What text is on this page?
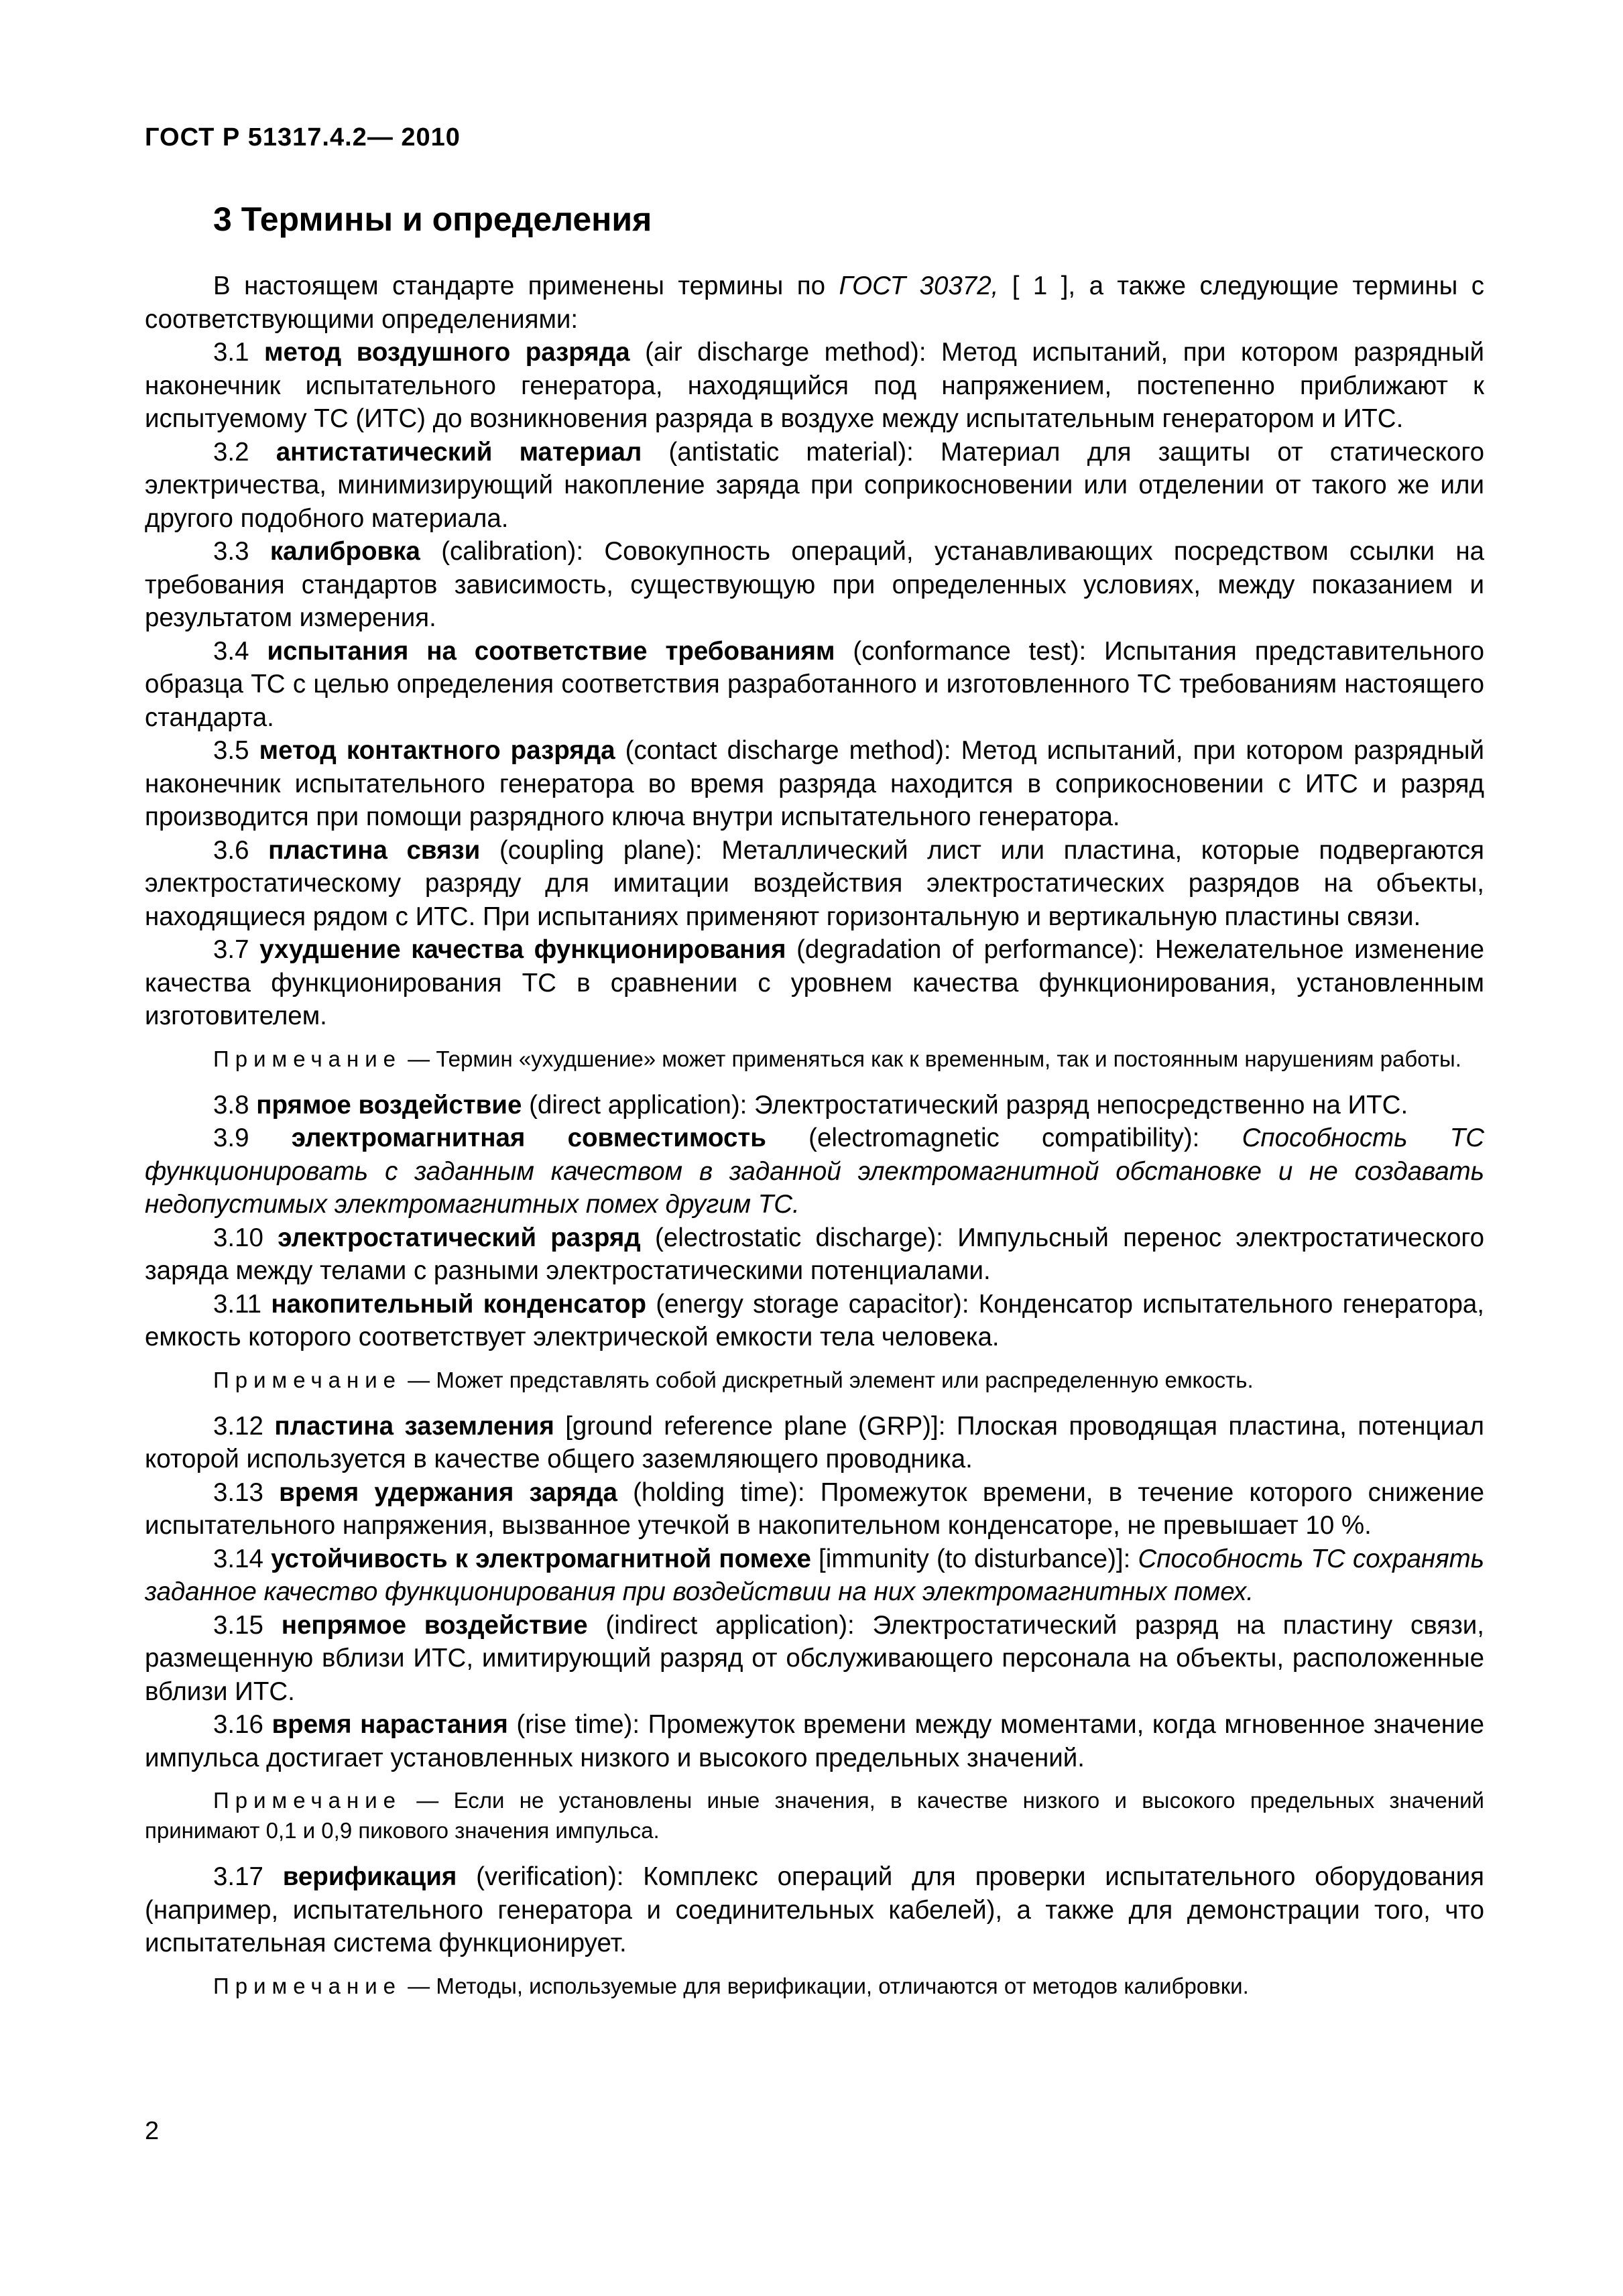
ГОСТ Р 51317.4.2— 2010
3 Термины и определения

В настоящем стандарте применены термины по ГОСТ 30372, [ 1 ], а также следующие термины с соответствующими определениями:

3.1 метод воздушного разряда (air discharge method): Метод испытаний, при котором разрядный наконечник испытательного генератора, находящийся под напряжением, постепенно приближают к испытуемому ТС (ИТС) до возникновения разряда в воздухе между испытательным генератором и ИТС.

3.2 антистатический материал (antistatic material): Материал для защиты от статического электричества, минимизирующий накопление заряда при соприкосновении или отделении от такого же или другого подобного материала.

3.3 калибровка (calibration): Совокупность операций, устанавливающих посредством ссылки на требования стандартов зависимость, существующую при определенных условиях, между показанием и результатом измерения.

3.4 испытания на соответствие требованиям (conformance test): Испытания представительного образца ТС с целью определения соответствия разработанного и изготовленного ТС требованиям настоящего стандарта.

3.5 метод контактного разряда (contact discharge method): Метод испытаний, при котором разрядный наконечник испытательного генератора во время разряда находится в соприкосновении с ИТС и разряд производится при помощи разрядного ключа внутри испытательного генератора.

3.6 пластина связи (coupling plane): Металлический лист или пластина, которые подвергаются электростатическому разряду для имитации воздействия электростатических разрядов на объекты, находящиеся рядом с ИТС. При испытаниях применяют горизонтальную и вертикальную пластины связи.

3.7 ухудшение качества функционирования (degradation of performance): Нежелательное изменение качества функционирования ТС в сравнении с уровнем качества функционирования, установленным изготовителем.

Примечание — Термин «ухудшение» может применяться как к временным, так и постоянным нарушениям работы.

3.8 прямое воздействие (direct application): Электростатический разряд непосредственно на ИТС.

3.9 электромагнитная совместимость (electromagnetic compatibility): Способность ТС функционировать с заданным качеством в заданной электромагнитной обстановке и не создавать недопустимых электромагнитных помех другим ТС.

3.10 электростатический разряд (electrostatic discharge): Импульсный перенос электростатического заряда между телами с разными электростатическими потенциалами.

3.11 накопительный конденсатор (energy storage capacitor): Конденсатор испытательного генератора, емкость которого соответствует электрической емкости тела человека.

Примечание — Может представлять собой дискретный элемент или распределенную емкость.

3.12 пластина заземления [ground reference plane (GRP)]: Плоская проводящая пластина, потенциал которой используется в качестве общего заземляющего проводника.

3.13 время удержания заряда (holding time): Промежуток времени, в течение которого снижение испытательного напряжения, вызванное утечкой в накопительном конденсаторе, не превышает 10 %.

3.14 устойчивость к электромагнитной помехе [immunity (to disturbance)]: Способность ТС сохранять заданное качество функционирования при воздействии на них электромагнитных помех.

3.15 непрямое воздействие (indirect application): Электростатический разряд на пластину связи, размещенную вблизи ИТС, имитирующий разряд от обслуживающего персонала на объекты, расположенные вблизи ИТС.

3.16 время нарастания (rise time): Промежуток времени между моментами, когда мгновенное значение импульса достигает установленных низкого и высокого предельных значений.

Примечание — Если не установлены иные значения, в качестве низкого и высокого предельных значений принимают 0,1 и 0,9 пикового значения импульса.

3.17 верификация (verification): Комплекс операций для проверки испытательного оборудования (например, испытательного генератора и соединительных кабелей), а также для демонстрации того, что испытательная система функционирует.

Примечание — Методы, используемые для верификации, отличаются от методов калибровки.

2
